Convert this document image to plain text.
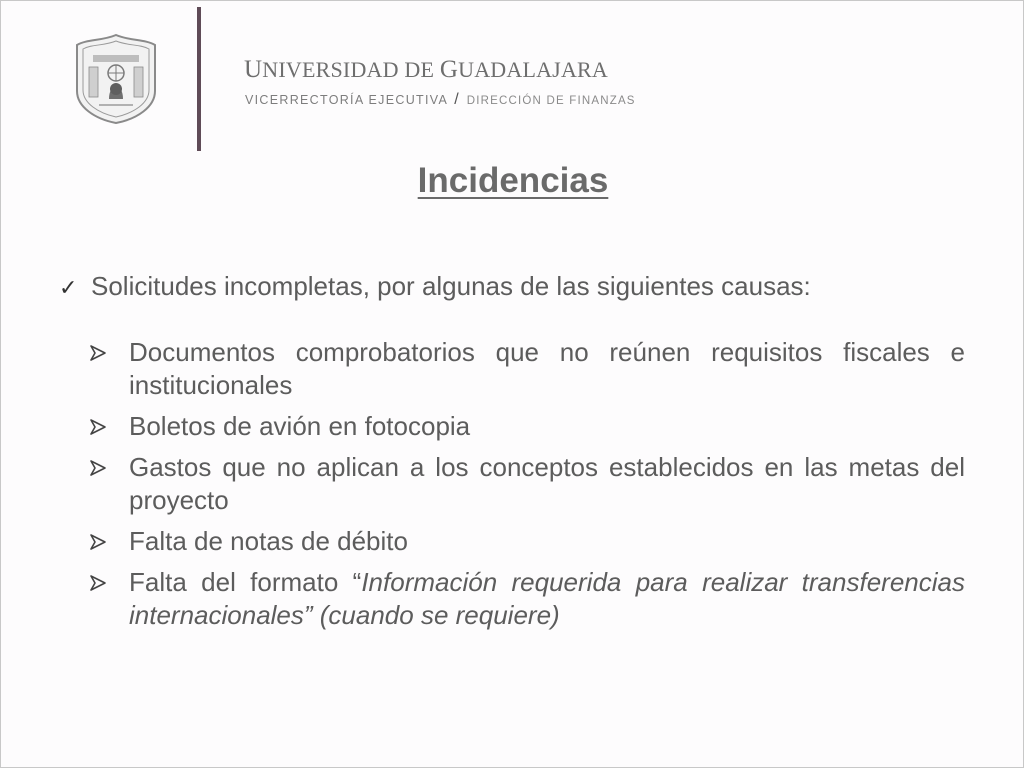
UNIVERSIDAD DE GUADALAJARA
VICERRECTORÍA EJECUTIVA / DIRECCIÓN DE FINANZAS
Incidencias
✓ Solicitudes incompletas, por algunas de las siguientes causas:
Documentos comprobatorios que no reúnen requisitos fiscales e institucionales
Boletos de avión en fotocopia
Gastos que no aplican a los conceptos establecidos en las metas del proyecto
Falta de notas de débito
Falta del formato “Información requerida para realizar transferencias internacionales” (cuando se requiere)
